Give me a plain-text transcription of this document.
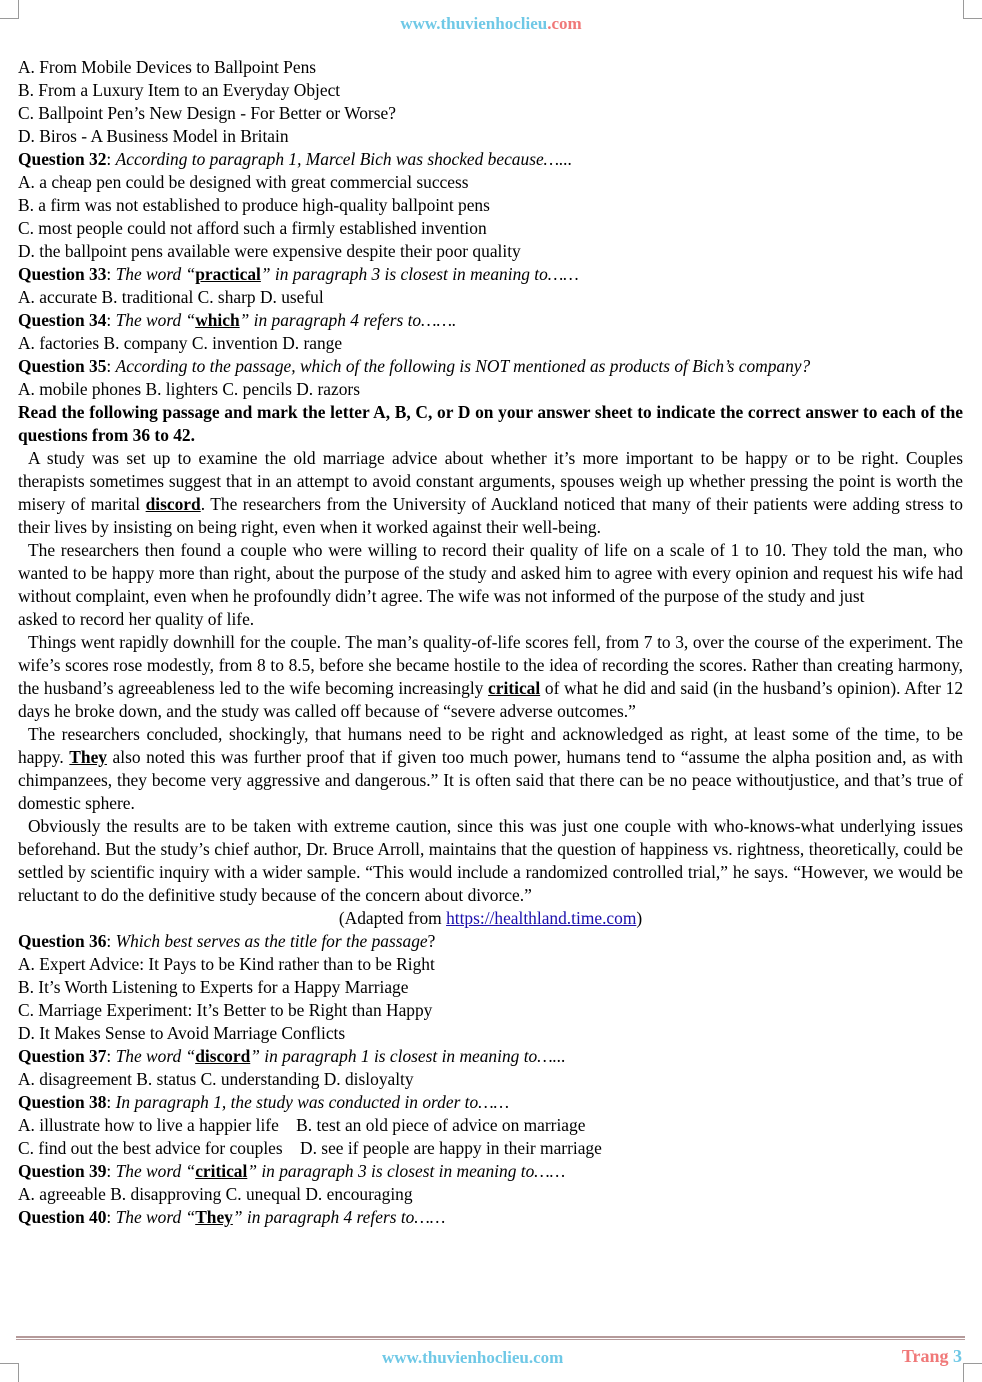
www.thuvienhoclieu.com
A. From Mobile Devices to Ballpoint Pens
B. From a Luxury Item to an Everyday Object
C. Ballpoint Pen’s New Design - For Better or Worse?
D. Biros - A Business Model in Britain
Question 32: According to paragraph 1, Marcel Bich was shocked because…...
A. a cheap pen could be designed with great commercial success
B. a firm was not established to produce high-quality ballpoint pens
C. most people could not afford such a firmly established invention
D. the ballpoint pens available were expensive despite their poor quality
Question 33: The word “practical” in paragraph 3 is closest in meaning to……
A. accurate B. traditional C. sharp D. useful
Question 34: The word “which” in paragraph 4 refers to…….
A. factories B. company C. invention D. range
Question 35: According to the passage, which of the following is NOT mentioned as products of Bich’s company?
A. mobile phones B. lighters C. pencils D. razors
Read the following passage and mark the letter A, B, C, or D on your answer sheet to indicate the correct answer to each of the questions from 36 to 42.
A study was set up to examine the old marriage advice about whether it’s more important to be happy or to be right. Couples therapists sometimes suggest that in an attempt to avoid constant arguments, spouses weigh up whether pressing the point is worth the misery of marital discord. The researchers from the University of Auckland noticed that many of their patients were adding stress to their lives by insisting on being right, even when it worked against their well-being.
The researchers then found a couple who were willing to record their quality of life on a scale of 1 to 10. They told the man, who wanted to be happy more than right, about the purpose of the study and asked him to agree with every opinion and request his wife had without complaint, even when he profoundly didn’t agree. The wife was not informed of the purpose of the study and just
asked to record her quality of life.
Things went rapidly downhill for the couple. The man’s quality-of-life scores fell, from 7 to 3, over the course of the experiment. The wife’s scores rose modestly, from 8 to 8.5, before she became hostile to the idea of recording the scores. Rather than creating harmony, the husband’s agreeableness led to the wife becoming increasingly critical of what he did and said (in the husband’s opinion). After 12 days he broke down, and the study was called off because of “severe adverse outcomes.”
The researchers concluded, shockingly, that humans need to be right and acknowledged as right, at least some of the time, to be happy. They also noted this was further proof that if given too much power, humans tend to “assume the alpha position and, as with chimpanzees, they become very aggressive and dangerous.” It is often said that there can be no peace withoutjustice, and that’s true of domestic sphere.
Obviously the results are to be taken with extreme caution, since this was just one couple with who-knows-what underlying issues beforehand. But the study’s chief author, Dr. Bruce Arroll, maintains that the question of happiness vs. rightness, theoretically, could be settled by scientific inquiry with a wider sample. “This would include a randomized controlled trial,” he says. “However, we would be reluctant to do the definitive study because of the concern about divorce.”
(Adapted from https://healthland.time.com)
Question 36: Which best serves as the title for the passage?
A. Expert Advice: It Pays to be Kind rather than to be Right
B. It’s Worth Listening to Experts for a Happy Marriage
C. Marriage Experiment: It’s Better to be Right than Happy
D. It Makes Sense to Avoid Marriage Conflicts
Question 37: The word “discord” in paragraph 1 is closest in meaning to…...
A. disagreement B. status C. understanding D. disloyalty
Question 38: In paragraph 1, the study was conducted in order to……
A. illustrate how to live a happier life    B. test an old piece of advice on marriage
C. find out the best advice for couples    D. see if people are happy in their marriage
Question 39: The word “critical” in paragraph 3 is closest in meaning to……
A. agreeable B. disapproving C. unequal D. encouraging
Question 40: The word “They” in paragraph 4 refers to……
www.thuvienhoclieu.com	Trang 3
